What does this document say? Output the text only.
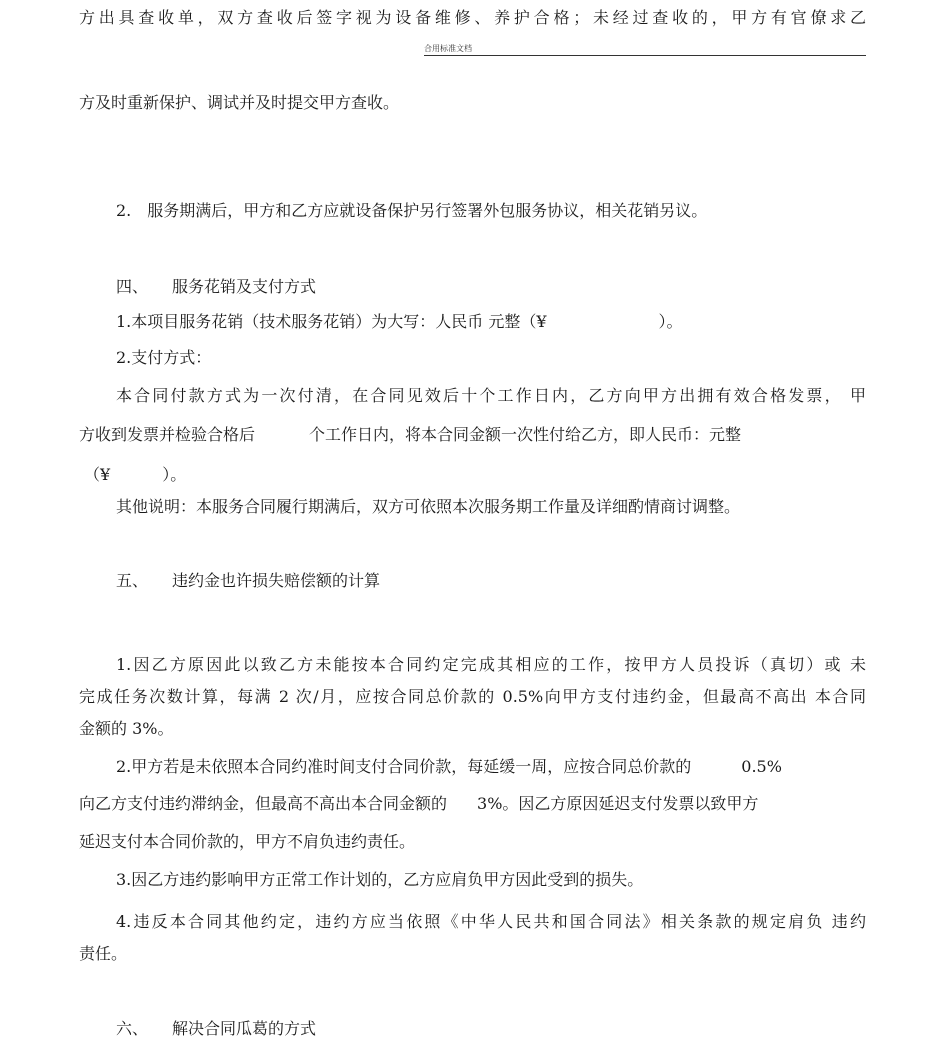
方出具查收单，双方查收后签字视为设备维修、养护合格；未经过查收的，甲方有官僚求乙
合用标准文档
方及时重新保护、调试并及时提交甲方查收。
2.　服务期满后，甲方和乙方应就设备保护另行签署外包服务协议，相关花销另议。
四、 服务花销及支付方式
1.本项目服务花销（技术服务花销）为大写：人民币 元整（¥	）。
2.支付方式：
本合同付款方式为一次付清，在合同见效后十个工作日内，乙方向甲方出拥有效合格发票， 甲
方收到发票并检验合格后	个工作日内，将本合同金额一次性付给乙方，即人民币：元整
（¥	）。
其他说明：本服务合同履行期满后，双方可依照本次服务期工作量及详细酌情商讨调整。
五、 违约金也许损失赔偿额的计算
1.因乙方原因此以致乙方未能按本合同约定完成其相应的工作，按甲方人员投诉（真切）或 未
完成任务次数计算，每满 2 次/月，应按合同总价款的 0.5%向甲方支付违约金，但最高不高出 本合同
金额的 3%。
2.甲方若是未依照本合同约准时间支付合同价款，每延缓一周，应按合同总价款的	0.5%
向乙方支付违约滞纳金，但最高不高出本合同金额的 3%。因乙方原因延迟支付发票以致甲方
延迟支付本合同价款的，甲方不肩负违约责任。
3.因乙方违约影响甲方正常工作计划的，乙方应肩负甲方因此受到的损失。
4.违反本合同其他约定，违约方应当依照《中华人民共和国合同法》相关条款的规定肩负 违约
责任。
六、 解决合同瓜葛的方式
